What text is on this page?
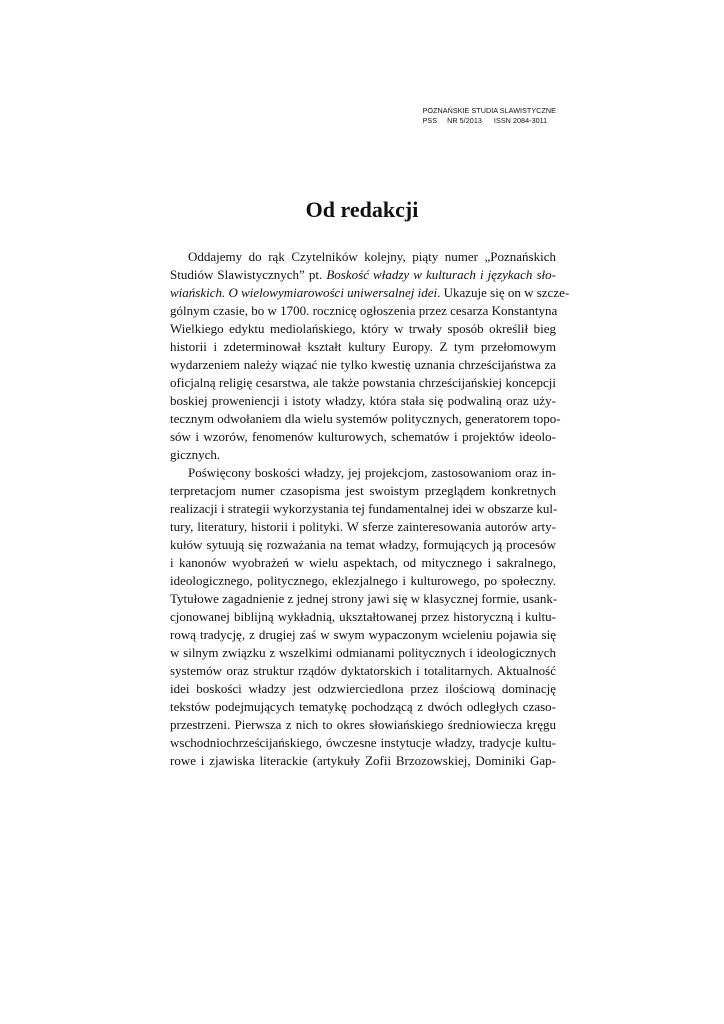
POZNAŃSKIE STUDIA SLAWISTYCZNE
PSS NR 5/2013 ISSN 2084-3011
Od redakcji
Oddajemy do rąk Czytelników kolejny, piąty numer „Poznańskich
Studiów Slawistycznych” pt. Boskość władzy w kulturach i językach sło-
wiańskich. O wielowymiarowości uniwersalnej idei. Ukazuje się on w szcze-
gólnym czasie, bo w 1700. rocznicę ogłoszenia przez cesarza Konstantyna
Wielkiego edyktu mediolańskiego, który w trwały sposób określił bieg
historii i zdeterminował kształt kultury Europy. Z tym przełomowym
wydarzeniem należy wiązać nie tylko kwestię uznania chrześcijaństwa za
oficjalną religię cesarstwa, ale także powstania chrześcijańskiej koncepcji
boskiej proweniencji i istoty władzy, która stała się podwaliną oraz uży-
tecznym odwołaniem dla wielu systemów politycznych, generatorem topo-
sów i wzorów, fenomenów kulturowych, schematów i projektów ideolo-
gicznych.
Poświęcony boskości władzy, jej projekcjom, zastosowaniom oraz in-
terpretacjom numer czasopisma jest swoistym przeglądem konkretnych
realizacji i strategii wykorzystania tej fundamentalnej idei w obszarze kul-
tury, literatury, historii i polityki. W sferze zainteresowania autorów arty-
kułów sytuują się rozważania na temat władzy, formujących ją procesów
i kanonów wyobrażeń w wielu aspektach, od mitycznego i sakralnego,
ideologicznego, politycznego, eklezjalnego i kulturowego, po społeczny.
Tytułowe zagadnienie z jednej strony jawi się w klasycznej formie, usank-
cjonowanej biblijną wykładnią, ukształtowanej przez historyczną i kultu-
rową tradycję, z drugiej zaś w swym wypaczonym wcieleniu pojawia się
w silnym związku z wszelkimi odmianami politycznych i ideologicznych
systemów oraz struktur rządów dyktatorskich i totalitarnych. Aktualność
idei boskości władzy jest odzwierciedlona przez ilościową dominację
tekstów podejmujących tematykę pochodzącą z dwóch odległych czaso-
przestrzeni. Pierwsza z nich to okres słowiańskiego średniowiecza kręgu
wschodniochrześcijańskiego, ówczesne instytucje władzy, tradycje kultu-
rowe i zjawiska literackie (artykuły Zofii Brzozowskiej, Dominiki Gap-
